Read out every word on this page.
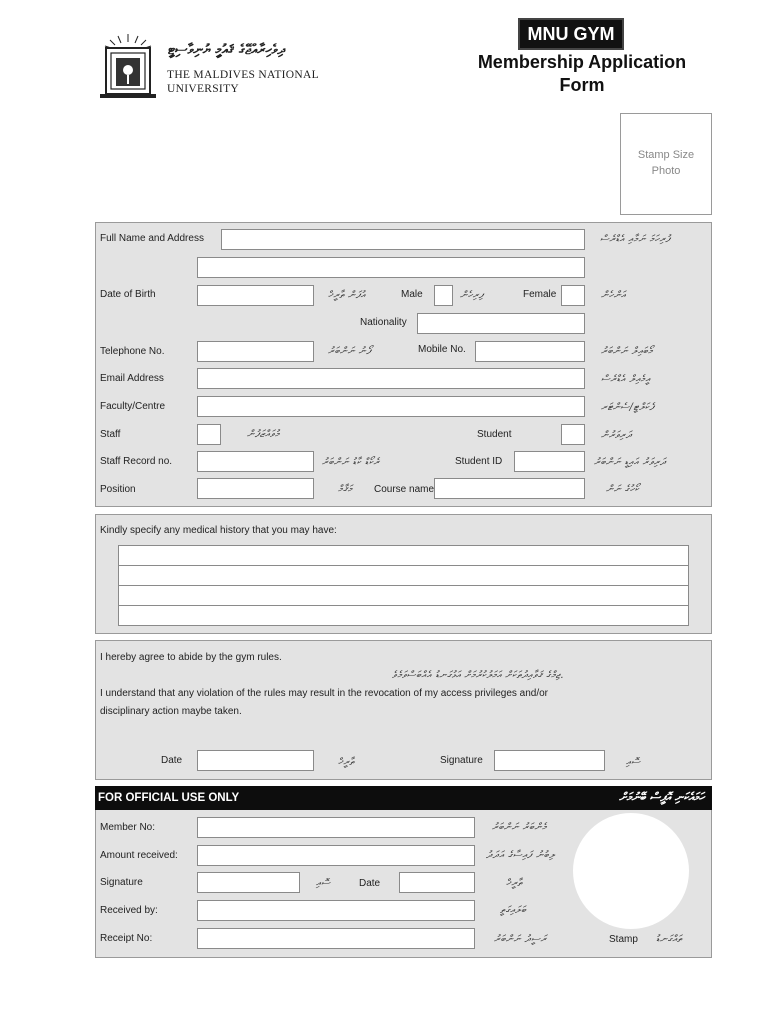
ދިވެހިރާއްޖޭގެ ޤައުމީ ޔުނިވާސިޓީ
THE MALDIVES NATIONAL
UNIVERSITY
MNU GYM
Membership Application
Form
Stamp Size
Photo
Full Name and Address	ފުރިހަމަ ނަމާއި އެޑްރެސް
Date of Birth	އުފަން ތާރީޚް	Male	ފިރިހެން	Female	އަންހެން
Nationality
Telephone No.	ފޯނު ނަންބަރު	Mobile No.	މޯބައިލް ނަންބަރު
Email Address	އީމެއިލް އެޑްރެސް
Faculty/Centre	ފެކަލްޓީ/ސެންޓަރ
Staff	މުވައްޒަފުން	Student	ދަރިވަރުން
Staff Record no.	ރެކޯޑް ކާޑު ނަންބަރު	Student ID	ދަރިވަރު އައިޑީ ނަންބަރު
Position	މަޤާމް Course name	ކޯހުގެ ނަން
Kindly specify any medical history that you may have:
I hereby agree to abide by the gym rules.
ޖިމްގެ ޤަވާއިދުތަކަށް އަމަލުކުރުމަށް އަޅުގަނޑު އެއްބަސްވަމެވެ.
I understand that any violation of the rules may result in the revocation of my access privileges and/or
disciplinary action maybe taken.
Date	ތާރީޚް	Signature	ސޮއި
FOR OFFICIAL USE ONLY	ހަމައެކަނި އޮފީސް ބޭނުމަށް
Member No:	މެންބަރު ނަންބަރު
Amount received:	ލިބުނު ފައިސާގެ އަދަދު
Signature	ސޮއި	Date	ތާރީޚް
Received by:	ބަލައިގަތީ
Receipt No:	ރަސީދު ނަންބަރު	Stamp ތައްގަނޑު
